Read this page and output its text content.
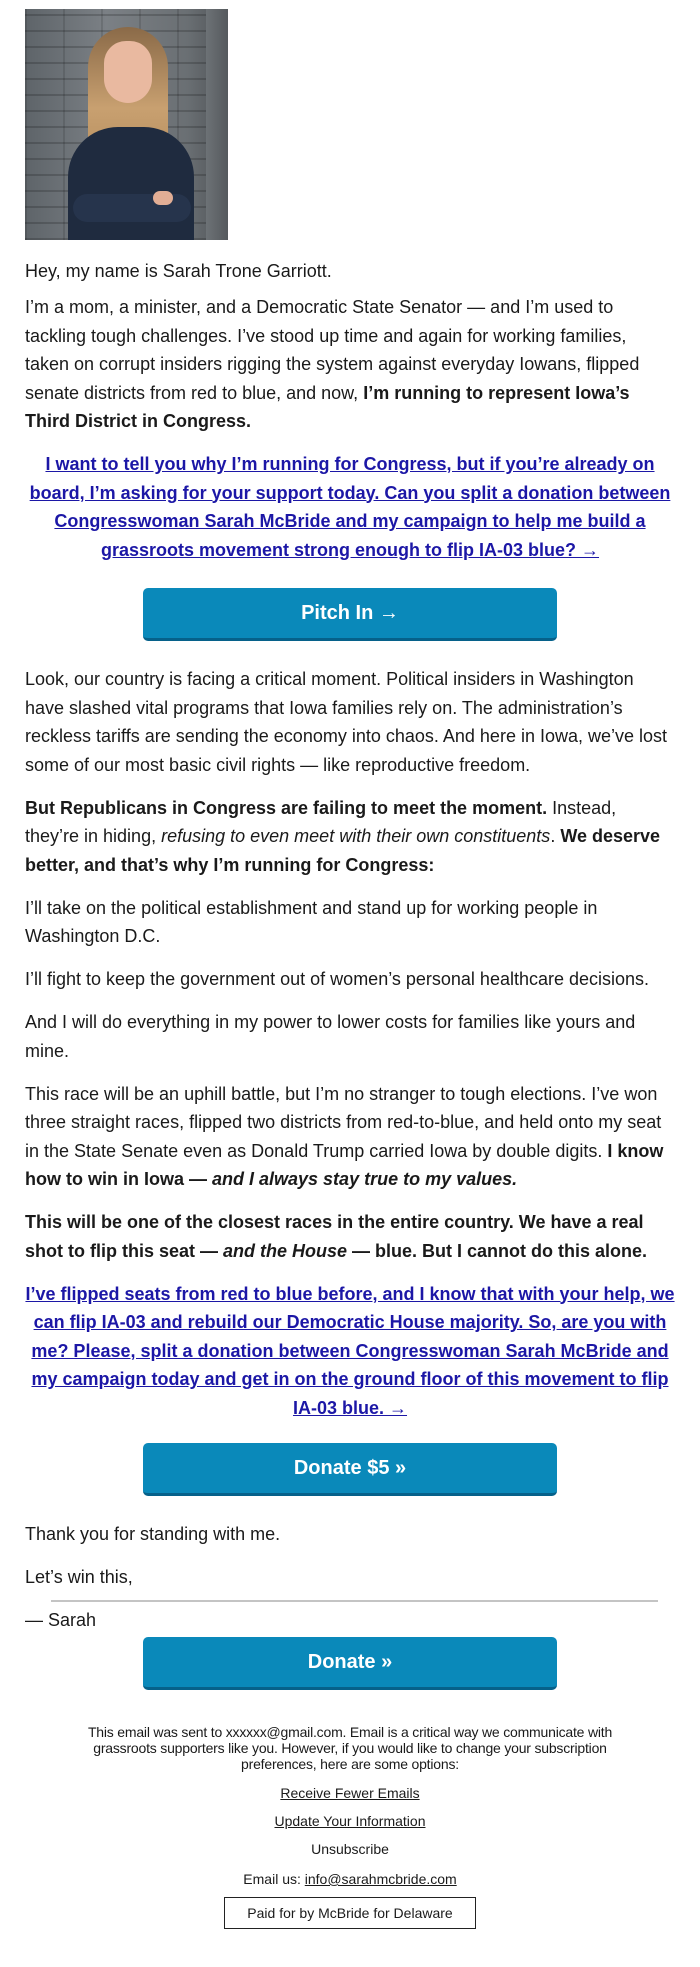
Hey, my name is Sarah Trone Garriott.

I’m a mom, a minister, and a Democratic State Senator — and I’m used to tackling tough challenges. I’ve stood up time and again for working families, taken on corrupt insiders rigging the system against everyday Iowans, flipped senate districts from red to blue, and now, I’m running to represent Iowa’s Third District in Congress.

I want to tell you why I’m running for Congress, but if you’re already on board, I’m asking for your support today. Can you split a donation between Congresswoman Sarah McBride and my campaign to help me build a grassroots movement strong enough to flip IA-03 blue? →

Pitch In →

Look, our country is facing a critical moment. Political insiders in Washington have slashed vital programs that Iowa families rely on. The administration’s reckless tariffs are sending the economy into chaos. And here in Iowa, we’ve lost some of our most basic civil rights — like reproductive freedom.

But Republicans in Congress are failing to meet the moment. Instead, they’re in hiding, refusing to even meet with their own constituents. We deserve better, and that’s why I’m running for Congress:

I’ll take on the political establishment and stand up for working people in Washington D.C.

I’ll fight to keep the government out of women’s personal healthcare decisions.

And I will do everything in my power to lower costs for families like yours and mine.

This race will be an uphill battle, but I’m no stranger to tough elections. I’ve won three straight races, flipped two districts from red-to-blue, and held onto my seat in the State Senate even as Donald Trump carried Iowa by double digits. I know how to win in Iowa — and I always stay true to my values.

This will be one of the closest races in the entire country. We have a real shot to flip this seat — and the House — blue. But I cannot do this alone.

I’ve flipped seats from red to blue before, and I know that with your help, we can flip IA-03 and rebuild our Democratic House majority. So, are you with me? Please, split a donation between Congresswoman Sarah McBride and my campaign today and get in on the ground floor of this movement to flip IA-03 blue. →

Donate $5 »

Thank you for standing with me.

Let’s win this,

— Sarah

Donate »
This email was sent to xxxxxx@gmail.com. Email is a critical way we communicate with grassroots supporters like you. However, if you would like to change your subscription preferences, here are some options:
Receive Fewer Emails
Update Your Information
Unsubscribe
Email us: info@sarahmcbride.com
Paid for by McBride for Delaware
